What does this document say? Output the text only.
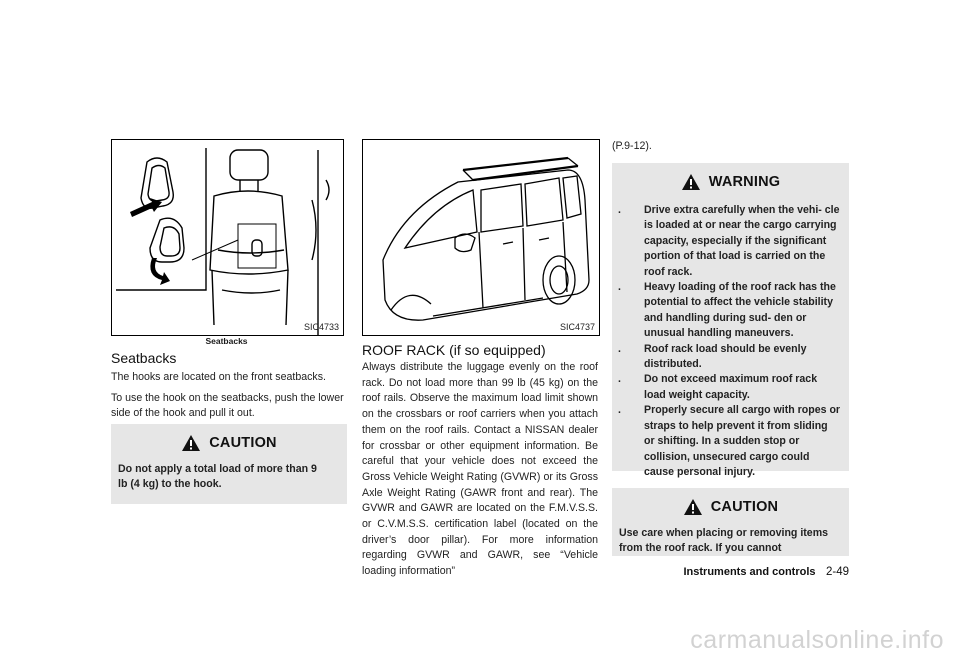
SIC4733
Seatbacks
Seatbacks

The hooks are located on the front seatbacks.

To use the hook on the seatbacks, push the lower side of the hook and pull it out.

CAUTION
Do not apply a total load of more than 9 lb (4 kg) to the hook.
SIC4737
ROOF RACK (if so equipped)
Always distribute the luggage evenly on the roof rack. Do not load more than 99 lb (45 kg) on the roof rails. Observe the maximum load limit shown on the crossbars or roof carriers when you attach them on the roof rails. Contact a NISSAN dealer for crossbar or other equipment information. Be careful that your vehicle does not exceed the Gross Vehicle Weight Rating (GVWR) or its Gross Axle Weight Rating (GAWR front and rear). The GVWR and GAWR are located on the F.M.V.S.S. or C.V.M.S.S. certification label (located on the driver’s door pillar). For more information regarding GVWR and GAWR, see “Vehicle loading information”
(P.9-12).
WARNING
.	Drive extra carefully when the vehi- cle is loaded at or near the cargo carrying capacity, especially if the significant portion of that load is carried on the roof rack.
.	Heavy loading of the roof rack has the potential to affect the vehicle stability and handling during sud- den or unusual handling maneuvers.
.	Roof rack load should be evenly distributed.
.	Do not exceed maximum roof rack load weight capacity.
.	Properly secure all cargo with ropes or straps to help prevent it from sliding or shifting. In a sudden stop or collision, unsecured cargo could cause personal injury.
CAUTION
Use care when placing or removing items from the roof rack. If you cannot
Instruments and controls 2-49
carmanualsonline.info
